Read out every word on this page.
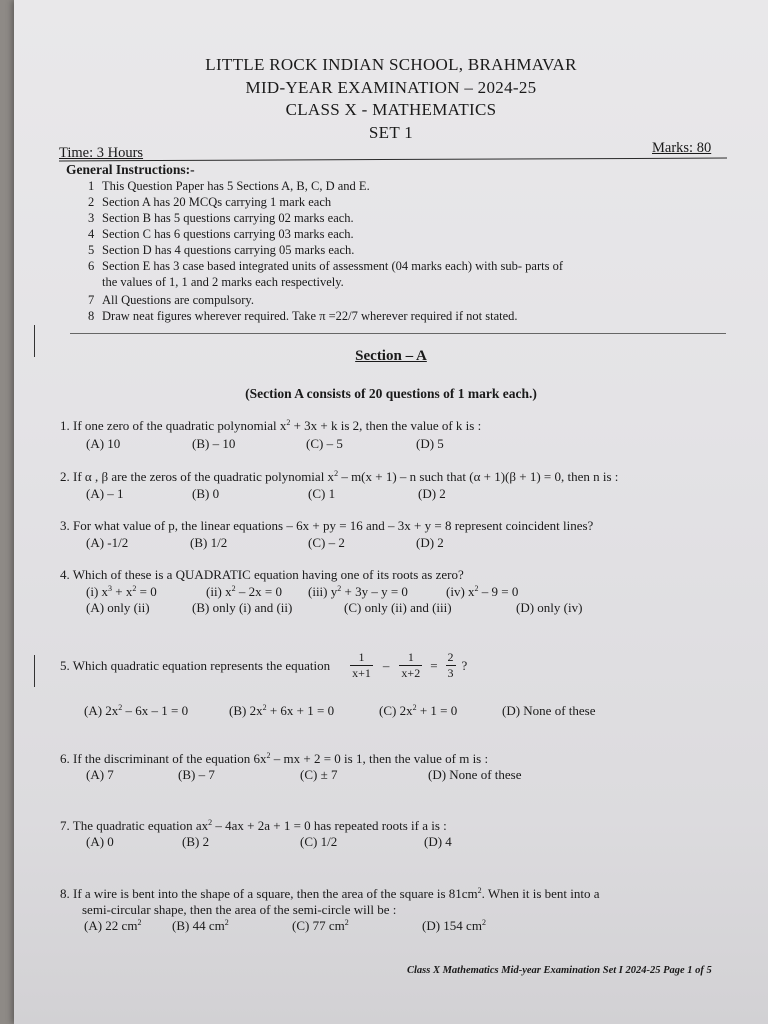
LITTLE ROCK INDIAN SCHOOL, BRAHMAVAR
MID-YEAR EXAMINATION – 2024-25
CLASS X - MATHEMATICS
SET 1
Time: 3 Hours	Marks: 80
General Instructions:-
1 This Question Paper has 5 Sections A, B, C, D and E.
2 Section A has 20 MCQs carrying 1 mark each
3 Section B has 5 questions carrying 02 marks each.
4 Section C has 6 questions carrying 03 marks each.
5 Section D has 4 questions carrying 05 marks each.
6 Section E has 3 case based integrated units of assessment (04 marks each) with sub- parts of
the values of 1, 1 and 2 marks each respectively.
7 All Questions are compulsory.
8 Draw neat figures wherever required. Take π =22/7 wherever required if not stated.
Section – A
(Section A consists of 20 questions of 1 mark each.)
1. If one zero of the quadratic polynomial $x^2 + 3x + k$ is 2, then the value of k is :
(A) 10	(B) – 10	(C) – 5	(D) 5
2. If α , β are the zeros of the quadratic polynomial $x^2 - m(x + 1) - n$ such that (α + 1)(β + 1) = 0, then n is :
(A) – 1	(B) 0	(C) 1	(D) 2
3. For what value of p, the linear equations – 6x + py = 16 and – 3x + y = 8 represent coincident lines?
(A) -1/2	(B) 1/2	(C) – 2	(D) 2
4. Which of these is a QUADRATIC equation having one of its roots as zero?
(i) $x^3 + x^2 = 0$	(ii) $x^2 - 2x = 0$ (iii) $y^2 + 3y - y = 0$	(iv) $x^2 - 9 = 0$
(A) only (ii)	(B) only (i) and (ii)	(C) only (ii) and (iii)	(D) only (iv)
5. Which quadratic equation represents the equation $\frac{1}{x+1} - \frac{1}{x+2} = \frac{2}{3}$ ?
(A) $2x^2 - 6x - 1 = 0$	(B) $2x^2 + 6x + 1 = 0$	(C) $2x^2 + 1 = 0$	(D) None of these
6. If the discriminant of the equation $6x^2$ – mx + 2 = 0 is 1, then the value of m is :
(A) 7	(B) – 7	(C) ± 7	(D) None of these
7. The quadratic equation $ax^2 - 4ax + 2a + 1 = 0$ has repeated roots if a is :
(A) 0	(B) 2	(C) 1/2	(D) 4
8. If a wire is bent into the shape of a square, then the area of the square is $81cm^2$. When it is bent into a
semi-circular shape, then the area of the semi-circle will be :
(A) 22 $cm^2$ (B) 44 $cm^2$	(C) 77 $cm^2$	(D) 154 $cm^2$
Class X Mathematics Mid-year Examination Set I 2024-25 Page 1 of 5
